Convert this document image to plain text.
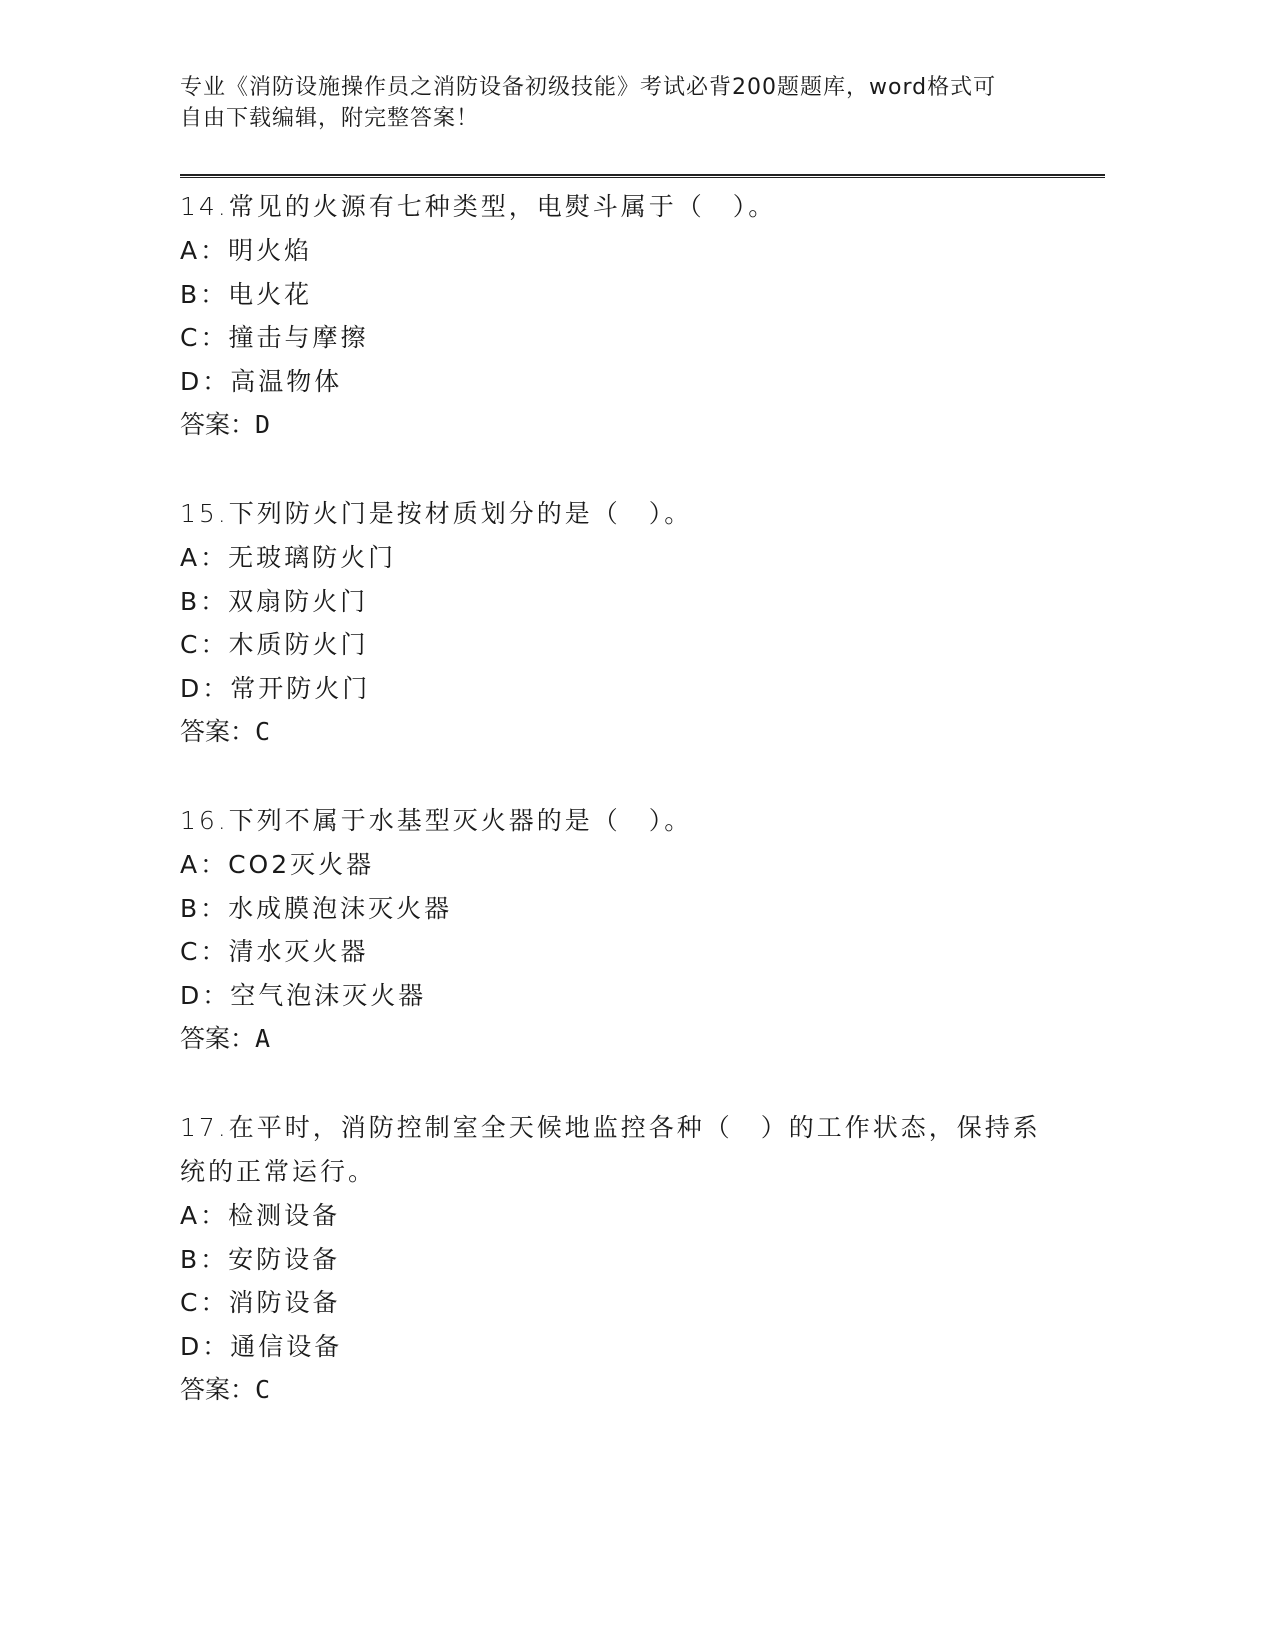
专业《消防设施操作员之消防设备初级技能》考试必背200题题库，word格式可
自由下载编辑，附完整答案！
14.常见的火源有七种类型，电熨斗属于（　）。
A：明火焰
B：电火花
C：撞击与摩擦
D：高温物体
答案：D
15.下列防火门是按材质划分的是（　）。
A：无玻璃防火门
B：双扇防火门
C：木质防火门
D：常开防火门
答案：C
16.下列不属于水基型灭火器的是（　）。
A：CO2灭火器
B：水成膜泡沫灭火器
C：清水灭火器
D：空气泡沫灭火器
答案：A
17.在平时，消防控制室全天候地监控各种（　）的工作状态，保持系统的正常运行。
A：检测设备
B：安防设备
C：消防设备
D：通信设备
答案：C
